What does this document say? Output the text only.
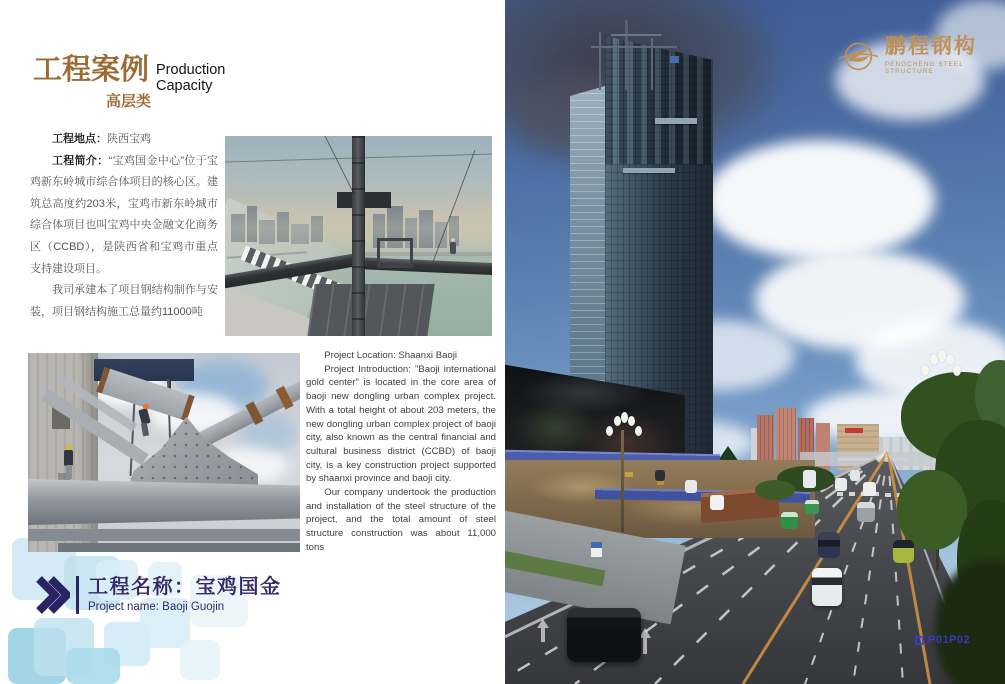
工程案例 Production Capacity
高层类

工程地点：陕西宝鸡

工程简介：“宝鸡国金中心”位于宝鸡新东岭城市综合体项目的核心区。建筑总高度约203米，宝鸡市新东岭城市综合体项目也叫宝鸡中央金融文化商务区（CCBD），是陕西省和宝鸡市重点支持建设项目。

我司承建本了项目钢结构制作与安装，项目钢结构施工总量约11000吨

Project Location: Shaanxi Baoji

Project Introduction: "Baoji international gold center" is located in the core area of baoji new dongling urban complex project. With a total height of about 203 meters, the new dongling urban complex project of baoji city, also known as the central financial and cultural business district (CCBD) of baoji city, is a key construction project supported by shaanxi province and baoji city.

Our company undertook the production and installation of the steel structure of the project, and the total amount of steel structure construction was about 11,000 tons

工程名称：宝鸡国金
Project name: Baoji Guojin
鹏程钢构
PENGCHENG STEEL STRUCTURE
P01P02
